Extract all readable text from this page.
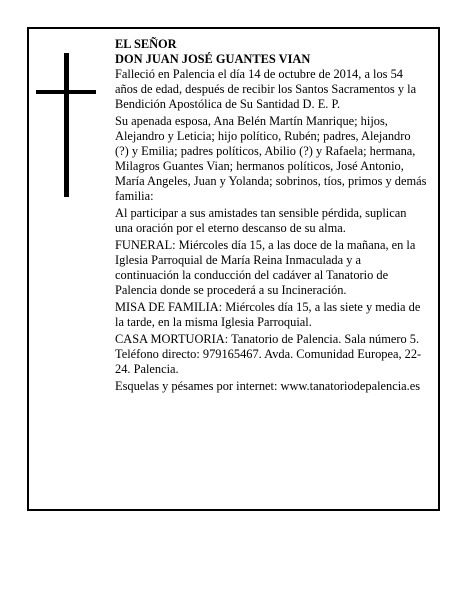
EL SEÑOR
DON JUAN JOSÉ GUANTES VIAN

Falleció en Palencia el día 14 de octubre de 2014, a los 54 años de edad, después de recibir los Santos Sacramentos y la Bendición Apostólica de Su Santidad D. E. P.

Su apenada esposa, Ana Belén Martín Manrique; hijos, Alejandro y Leticia; hijo político, Rubén; padres, Alejandro (?) y Emilia; padres políticos, Abilio (?) y Rafaela; hermana, Milagros Guantes Vian; hermanos políticos, José Antonio, María Angeles, Juan y Yolanda; sobrinos, tíos, primos y demás familia:

Al participar a sus amistades tan sensible pérdida, suplican una oración por el eterno descanso de su alma.

FUNERAL: Miércoles día 15, a las doce de la mañana, en la Iglesia Parroquial de María Reina Inmaculada y a continuación la conducción del cadáver al Tanatorio de Palencia donde se procederá a su Incineración.

MISA DE FAMILIA: Miércoles día 15, a las siete y media de la tarde, en la misma Iglesia Parroquial.

CASA MORTUORIA: Tanatorio de Palencia. Sala número 5. Teléfono directo: 979165467. Avda. Comunidad Europea, 22-24. Palencia.

Esquelas y pésames por internet: www.tanatoriodepalencia.es
